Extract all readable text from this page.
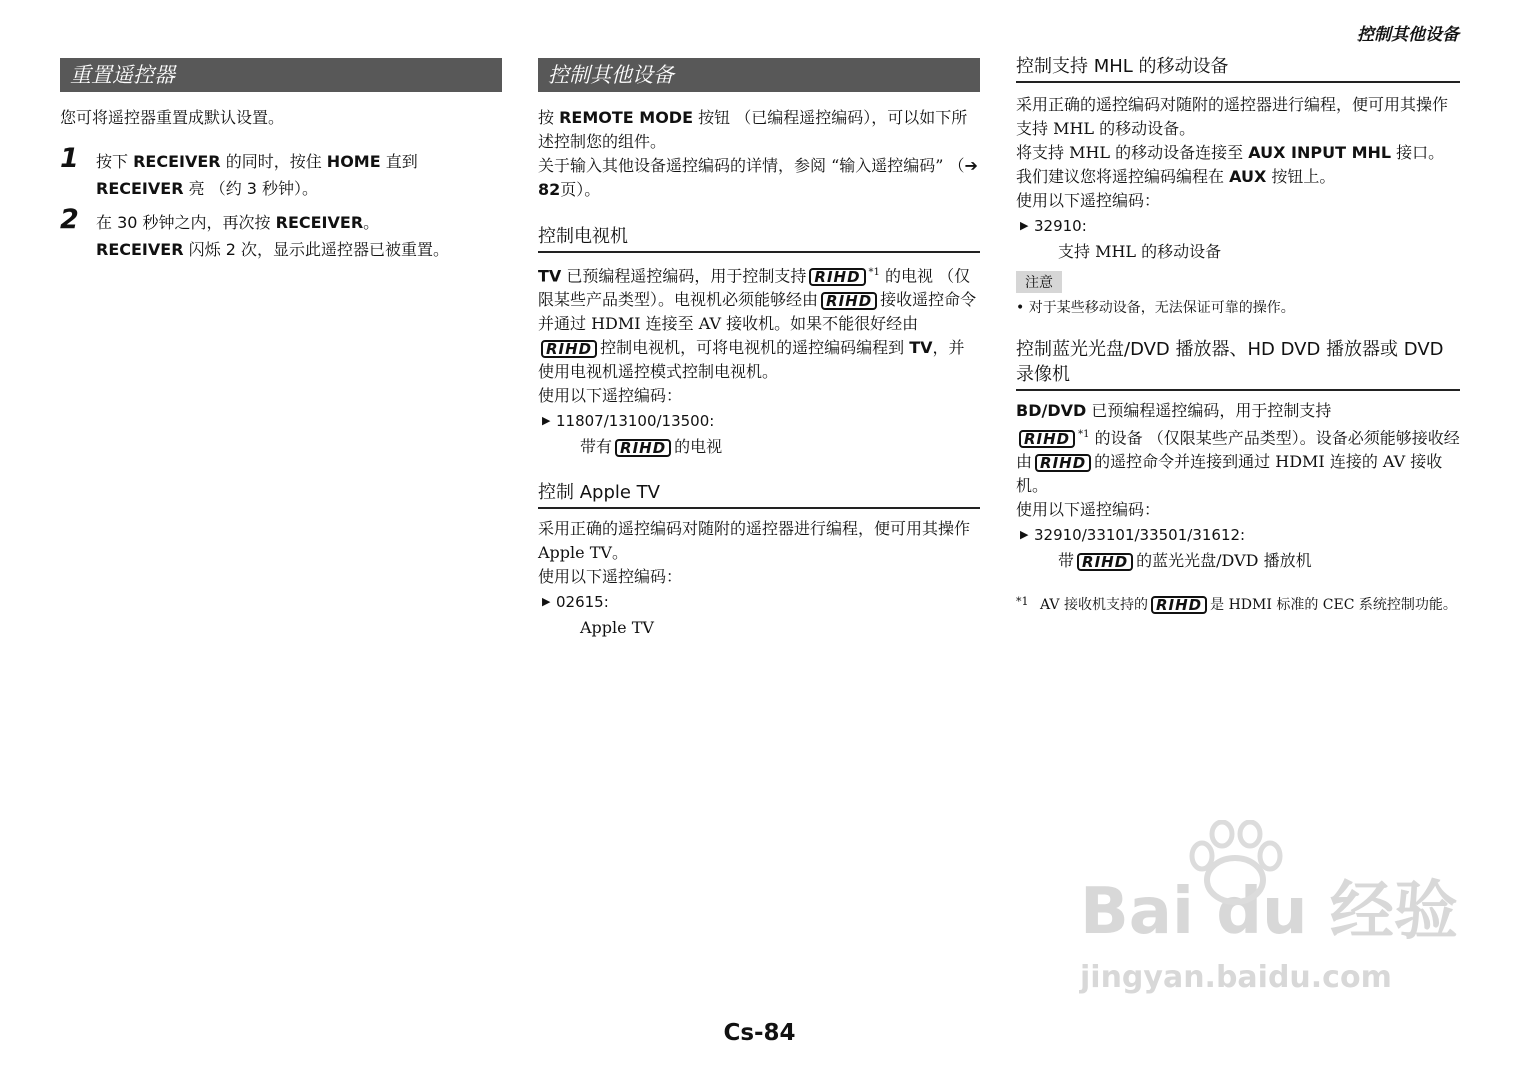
控制其他设备
重置遥控器

您可将遥控器重置成默认设置。

1 按下 RECEIVER 的同时，按住 HOME 直到
RECEIVER 亮 （约 3 秒钟）。
2 在 30 秒钟之内，再次按 RECEIVER。
RECEIVER 闪烁 2 次，显示此遥控器已被重置。
控制其他设备

按 REMOTE MODE 按钮 （已编程遥控编码），可以如下所述控制您的组件。

关于输入其他设备遥控编码的详情，参阅 “输入遥控编码” （➔ 82页）。

控制电视机

TV 已预编程遥控编码，用于控制支持 RIHD $^{*1}$ 的电视 （仅限某些产品类型）。电视机必须能够经由 RIHD 接收遥控命令并通过 HDMI 连接至 AV 接收机。如果不能很好经由RIHD 控制电视机，可将电视机的遥控编码编程到 TV，并使用电视机遥控模式控制电视机。

使用以下遥控编码：

▶ 11807/13100/13500:
带有 RIHD 的电视
控制 Apple TV

采用正确的遥控编码对随附的遥控器进行编程，便可用其操作 Apple TV。

使用以下遥控编码：

▶ 02615:
Apple TV
控制支持 MHL 的移动设备

采用正确的遥控编码对随附的遥控器进行编程，便可用其操作支持 MHL 的移动设备。

将支持 MHL 的移动设备连接至 AUX INPUT MHL 接口。我们建议您将遥控编码编程在 AUX 按钮上。

使用以下遥控编码：

▶ 32910:
支持 MHL 的移动设备
注意

• 对于某些移动设备，无法保证可靠的操作。

控制蓝光光盘/DVD 播放器、HD DVD 播放器或 DVD 录像机

BD/DVD 已预编程遥控编码，用于控制支持
RIHD $^{*1}$ 的设备 （仅限某些产品类型）。设备必须能够接收经由 RIHD 的遥控命令并连接到通过 HDMI 连接的 AV 接收机。

使用以下遥控编码：

▶ 32910/33101/33501/31612:
带 RIHD 的蓝光光盘/DVD 播放机
*1 AV 接收机支持的 RIHD 是 HDMI 标准的 CEC 系统控制功能。
Bai du 经验
jingyan.baidu.com
Cs-84
